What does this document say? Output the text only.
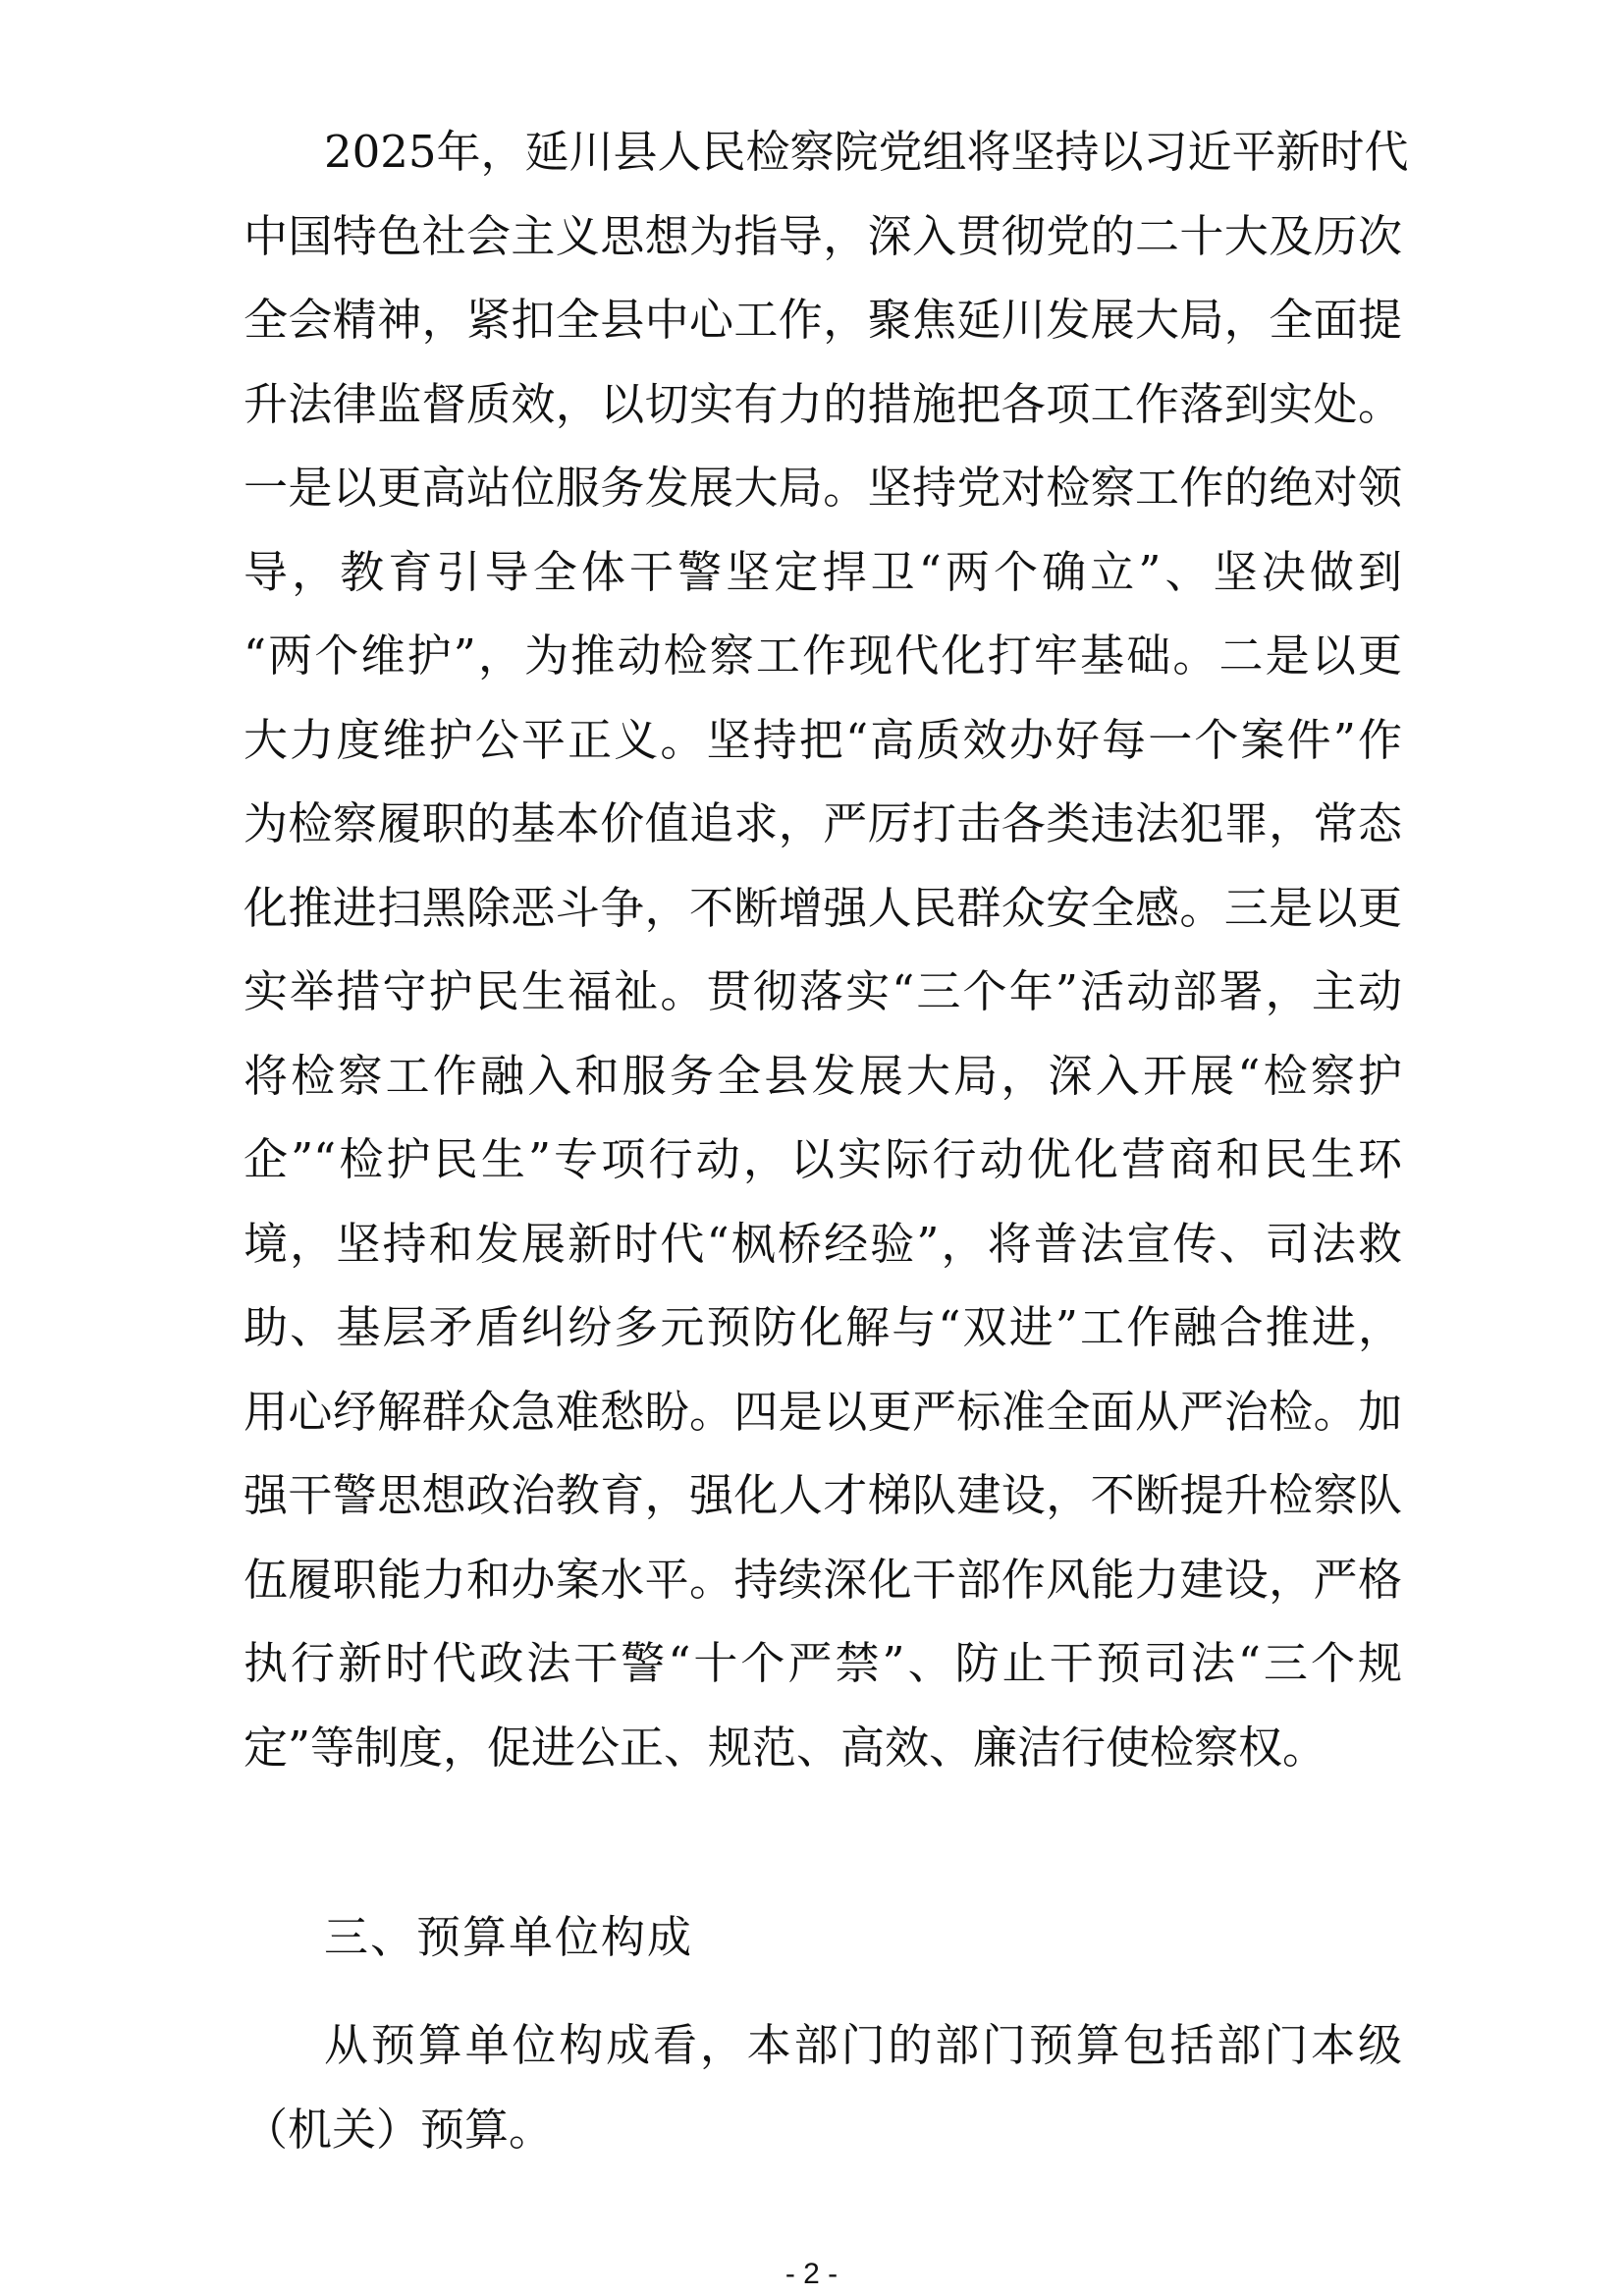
2025年，延川县人民检察院党组将坚持以习近平新时代
中国特色社会主义思想为指导，深入贯彻党的二十大及历次
全会精神，紧扣全县中心工作，聚焦延川发展大局，全面提
升法律监督质效，以切实有力的措施把各项工作落到实处。
一是以更高站位服务发展大局。坚持党对检察工作的绝对领
导，教育引导全体干警坚定捍卫“两个确立”、坚决做到
“两个维护”，为推动检察工作现代化打牢基础。二是以更
大力度维护公平正义。坚持把“高质效办好每一个案件”作
为检察履职的基本价值追求，严厉打击各类违法犯罪，常态
化推进扫黑除恶斗争，不断增强人民群众安全感。三是以更
实举措守护民生福祉。贯彻落实“三个年”活动部署，主动
将检察工作融入和服务全县发展大局，深入开展“检察护
企”“检护民生”专项行动，以实际行动优化营商和民生环
境，坚持和发展新时代“枫桥经验”，将普法宣传、司法救
助、基层矛盾纠纷多元预防化解与“双进”工作融合推进，
用心纾解群众急难愁盼。四是以更严标准全面从严治检。加
强干警思想政治教育，强化人才梯队建设，不断提升检察队
伍履职能力和办案水平。持续深化干部作风能力建设，严格
执行新时代政法干警“十个严禁”、防止干预司法“三个规
定”等制度，促进公正、规范、高效、廉洁行使检察权。
三、预算单位构成
从预算单位构成看，本部门的部门预算包括部门本级
（机关）预算。
- 2 -
